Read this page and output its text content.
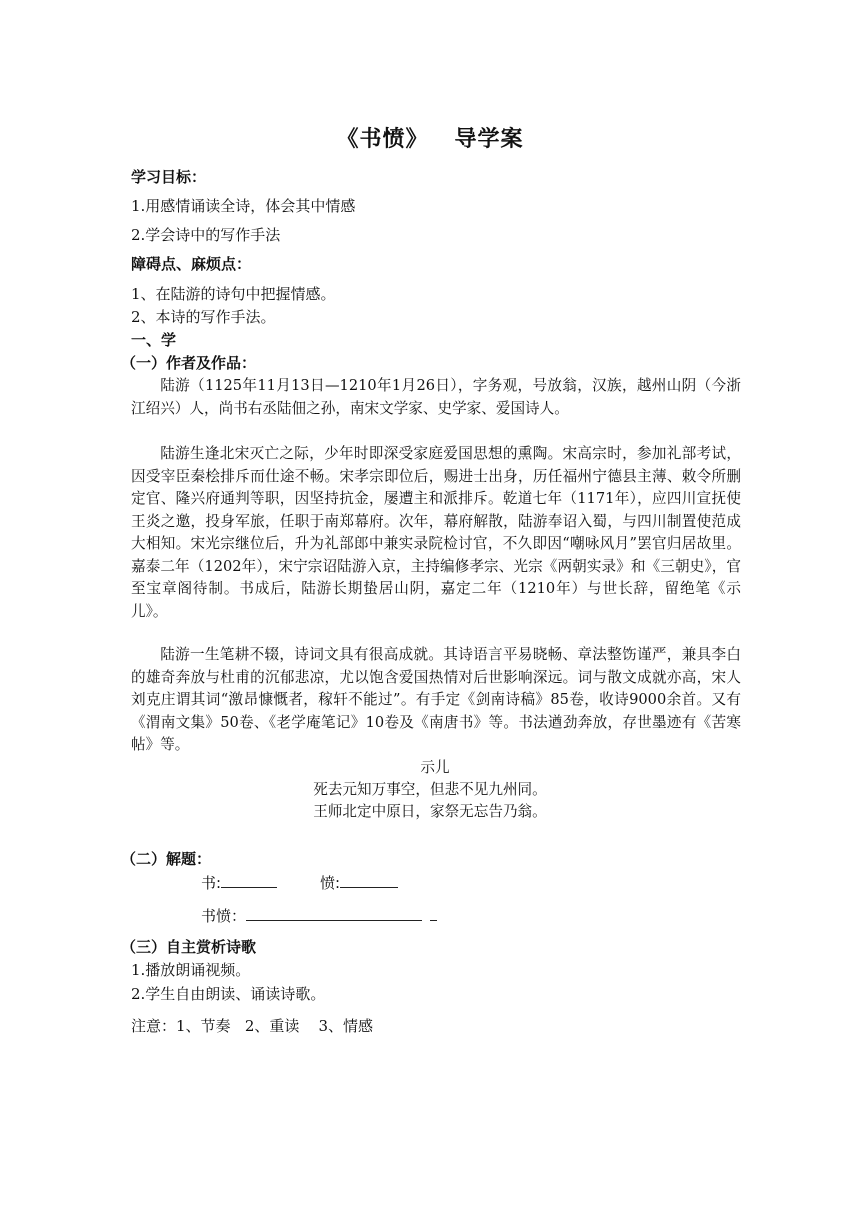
《书愤》 导学案
学习目标：
1.用感情诵读全诗，体会其中情感
2.学会诗中的写作手法
障碍点、麻烦点：
1、在陆游的诗句中把握情感。
2、本诗的写作手法。
一、学
（一）作者及作品：
陆游（1125年11月13日—1210年1月26日），字务观，号放翁，汉族，越州山阴（今浙江绍兴）人，尚书右丞陆佃之孙，南宋文学家、史学家、爱国诗人。
陆游生逢北宋灭亡之际，少年时即深受家庭爱国思想的熏陶。宋高宗时，参加礼部考试，因受宰臣秦桧排斥而仕途不畅。宋孝宗即位后，赐进士出身，历任福州宁德县主薄、敕令所删定官、隆兴府通判等职，因坚持抗金，屡遭主和派排斥。乾道七年（1171年），应四川宣抚使王炎之邀，投身军旅，任职于南郑幕府。次年，幕府解散，陆游奉诏入蜀，与四川制置使范成大相知。宋光宗继位后，升为礼部郎中兼实录院检讨官，不久即因“嘲咏风月”罢官归居故里。嘉泰二年（1202年），宋宁宗诏陆游入京，主持编修孝宗、光宗《两朝实录》和《三朝史》，官至宝章阁待制。书成后，陆游长期蛰居山阴，嘉定二年（1210年）与世长辞，留绝笔《示儿》。
陆游一生笔耕不辍，诗词文具有很高成就。其诗语言平易晓畅、章法整饬谨严，兼具李白的雄奇奔放与杜甫的沉郁悲凉，尤以饱含爱国热情对后世影响深远。词与散文成就亦高，宋人刘克庄谓其词“激昂慷慨者，稼轩不能过”。有手定《剑南诗稿》85卷，收诗9000余首。又有《渭南文集》50卷、《老学庵笔记》10卷及《南唐书》等。书法遒劲奔放，存世墨迹有《苦寒帖》等。
示儿
死去元知万事空，但悲不见九州同。
王师北定中原日，家祭无忘告乃翁。
（二）解题：
书:	愤:
书愤：
（三）自主赏析诗歌
1.播放朗诵视频。
2.学生自由朗读、诵读诗歌。
注意：1、节奏   2、重读    3、情感
